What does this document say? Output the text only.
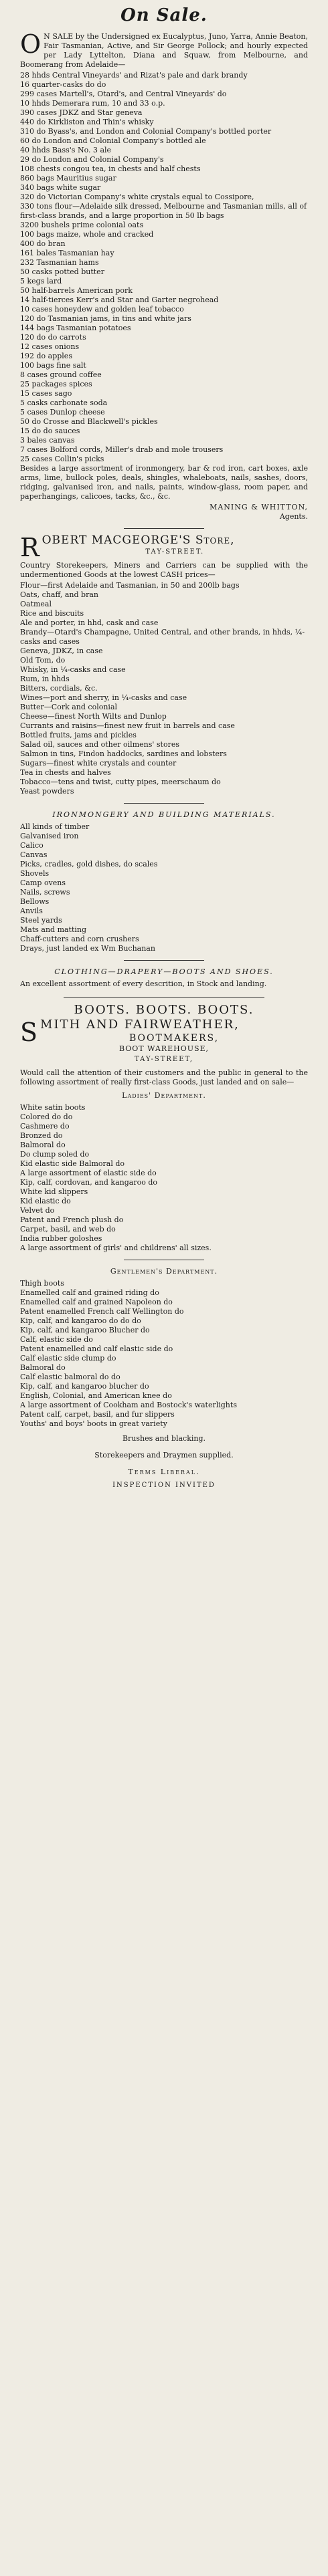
On Sale.

O N SALE by the Undersigned ex Eucalyptus, Juno, Yarra, Annie Beaton, Fair Tasmanian, Active, and Sir George Pollock; and hourly expected per Lady Lyttelton, Diana and Squaw, from Melbourne, and Boomerang from Adelaide—

28 hhds Central Vineyards' and Rizat's pale and dark brandy
16 quarter-casks do do
299 cases Martell's, Otard's, and Central Vineyards' do
10 hhds Demerara rum, 10 and 33 o.p.
390 cases JDKZ and Star geneva
440 do Kirkliston and Thin's whisky
310 do Byass's, and London and Colonial Company's bottled porter
60 do London and Colonial Company's bottled ale
40 hhds Bass's No. 3 ale
29 do London and Colonial Company's
108 chests congou tea, in chests and half chests
860 bags Mauritius sugar
340 bags white sugar
320 do Victorian Company's white crystals equal to Cossipore,
330 tons flour—Adelaide silk dressed, Melbourne and Tasmanian mills, all of first-class brands, and a large proportion in 50 lb bags
3200 bushels prime colonial oats
100 bags maize, whole and cracked
400 do bran
161 bales Tasmanian hay
232 Tasmanian hams
50 casks potted butter
5 kegs lard
50 half-barrels American pork
14 half-tierces Kerr's and Star and Garter negrohead
10 cases honeydew and golden leaf tobacco
120 do Tasmanian jams, in tins and white jars
144 bags Tasmanian potatoes
120 do do carrots
12 cases onions
192 do apples
100 bags fine salt
8 cases ground coffee
25 packages spices
15 cases sago
5 casks carbonate soda
5 cases Dunlop cheese
50 do Crosse and Blackwell's pickles
15 do do sauces
3 bales canvas
7 cases Bolford cords, Miller's drab and mole trousers
25 cases Collin's picks

Besides a large assortment of ironmongery, bar & rod iron, cart boxes, axle arms, lime, bullock poles, deals, shingles, whaleboats, nails, sashes, doors, ridging, galvanised iron, and nails, paints, window-glass, room paper, and paperhangings, calicoes, tacks, &c., &c.

MANING & WHITTON,

Agents.

ROBERT MACGEORGE'S Store,

TAY-STREET.

Country Storekeepers, Miners and Carriers can be supplied with the undermentioned Goods at the lowest CASH prices—

Flour—first Adelaide and Tasmanian, in 50 and 200lb bags
Oats, chaff, and bran
Oatmeal
Rice and biscuits
Ale and porter, in hhd, cask and case
Brandy—Otard's Champagne, United Central, and other brands, in hhds, ¼-casks and cases
Geneva, JDKZ, in case
Old Tom, do
Whisky, in ¼-casks and case
Rum, in hhds
Bitters, cordials, &c.
Wines—port and sherry, in ¼-casks and case
Butter—Cork and colonial
Cheese—finest North Wilts and Dunlop
Currants and raisins—finest new fruit in barrels and case
Bottled fruits, jams and pickles
Salad oil, sauces and other oilmens' stores
Salmon in tins, Findon haddocks, sardines and lobsters
Sugars—finest white crystals and counter
Tea in chests and halves
Tobacco—tens and twist, cutty pipes, meerschaum do
Yeast powders

IRONMONGERY AND BUILDING MATERIALS.

All kinds of timber
Galvanised iron
Calico
Canvas
Picks, cradles, gold dishes, do scales
Shovels
Camp ovens
Nails, screws
Bellows
Anvils
Steel yards
Mats and matting
Chaff-cutters and corn crushers
Drays, just landed ex Wm Buchanan

CLOTHING—DRAPERY—BOOTS AND SHOES.

An excellent assortment of every descrition, in Stock and landing.

BOOTS. BOOTS. BOOTS.

SMITH AND FAIRWEATHER,

BOOTMAKERS,

BOOT WAREHOUSE,

TAY-STREET,

Would call the attention of their customers and the public in general to the following assortment of really first-class Goods, just landed and on sale—

Ladies' Department.

White satin boots
Colored do do
Cashmere do
Bronzed do
Balmoral do
Do clump soled do
Kid elastic side Balmoral do
A large assortment of elastic side do
Kip, calf, cordovan, and kangaroo do
White kid slippers
Kid elastic do
Velvet do
Patent and French plush do
Carpet, basil, and web do
India rubber goloshes
A large assortment of girls' and childrens' all sizes.

Gentlemen's Department.

Thigh boots
Enamelled calf and grained riding do
Enamelled calf and grained Napoleon do
Patent enamelled French calf Wellington do
Kip, calf, and kangaroo do do do
Kip, calf, and kangaroo Blucher do
Calf, elastic side do
Patent enamelled and calf elastic side do
Calf elastic side clump do
Balmoral do
Calf elastic balmoral do do
Kip, calf, and kangaroo blucher do
English, Colonial, and American knee do
A large assortment of Cookham and Bostock's waterlights
Patent calf, carpet, basil, and fur slippers
Youths' and boys' boots in great variety

Brushes and blacking.

Storekeepers and Draymen supplied.

Terms Liberal.

INSPECTION INVITED
